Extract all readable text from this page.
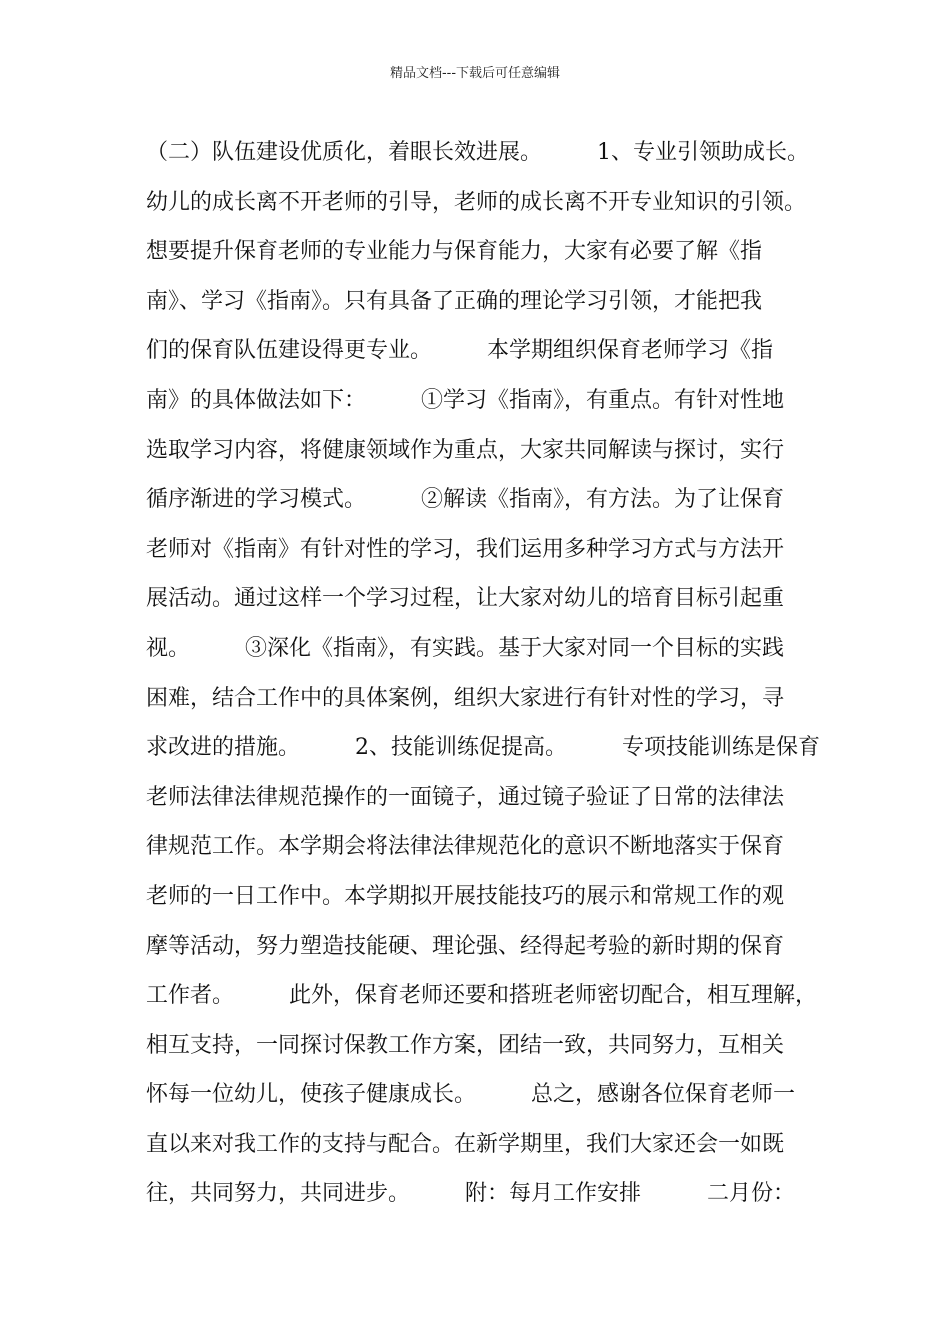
精品文档---下载后可任意编辑
（二）队伍建设优质化，着眼长效进展。　　　1、专业引领助成长。
幼儿的成长离不开老师的引导，老师的成长离不开专业知识的引领。
想要提升保育老师的专业能力与保育能力，大家有必要了解《指
南》、学习《指南》。只有具备了正确的理论学习引领，才能把我
们的保育队伍建设得更专业。　　　本学期组织保育老师学习《指
南》的具体做法如下：　　　①学习《指南》，有重点。有针对性地
选取学习内容，将健康领域作为重点，大家共同解读与探讨，实行
循序渐进的学习模式。　　　②解读《指南》，有方法。为了让保育
老师对《指南》有针对性的学习，我们运用多种学习方式与方法开
展活动。通过这样一个学习过程，让大家对幼儿的培育目标引起重
视。　　　③深化《指南》，有实践。基于大家对同一个目标的实践
困难，结合工作中的具体案例，组织大家进行有针对性的学习，寻
求改进的措施。　　　2、技能训练促提高。　　　专项技能训练是保育
老师法律法律规范操作的一面镜子，通过镜子验证了日常的法律法
律规范工作。本学期会将法律法律规范化的意识不断地落实于保育
老师的一日工作中。本学期拟开展技能技巧的展示和常规工作的观
摩等活动，努力塑造技能硬、理论强、经得起考验的新时期的保育
工作者。　　　此外，保育老师还要和搭班老师密切配合，相互理解，
相互支持，一同探讨保教工作方案，团结一致，共同努力，互相关
怀每一位幼儿，使孩子健康成长。　　　总之，感谢各位保育老师一
直以来对我工作的支持与配合。在新学期里，我们大家还会一如既
往，共同努力，共同进步。　　　附：每月工作安排　　　二月份：
